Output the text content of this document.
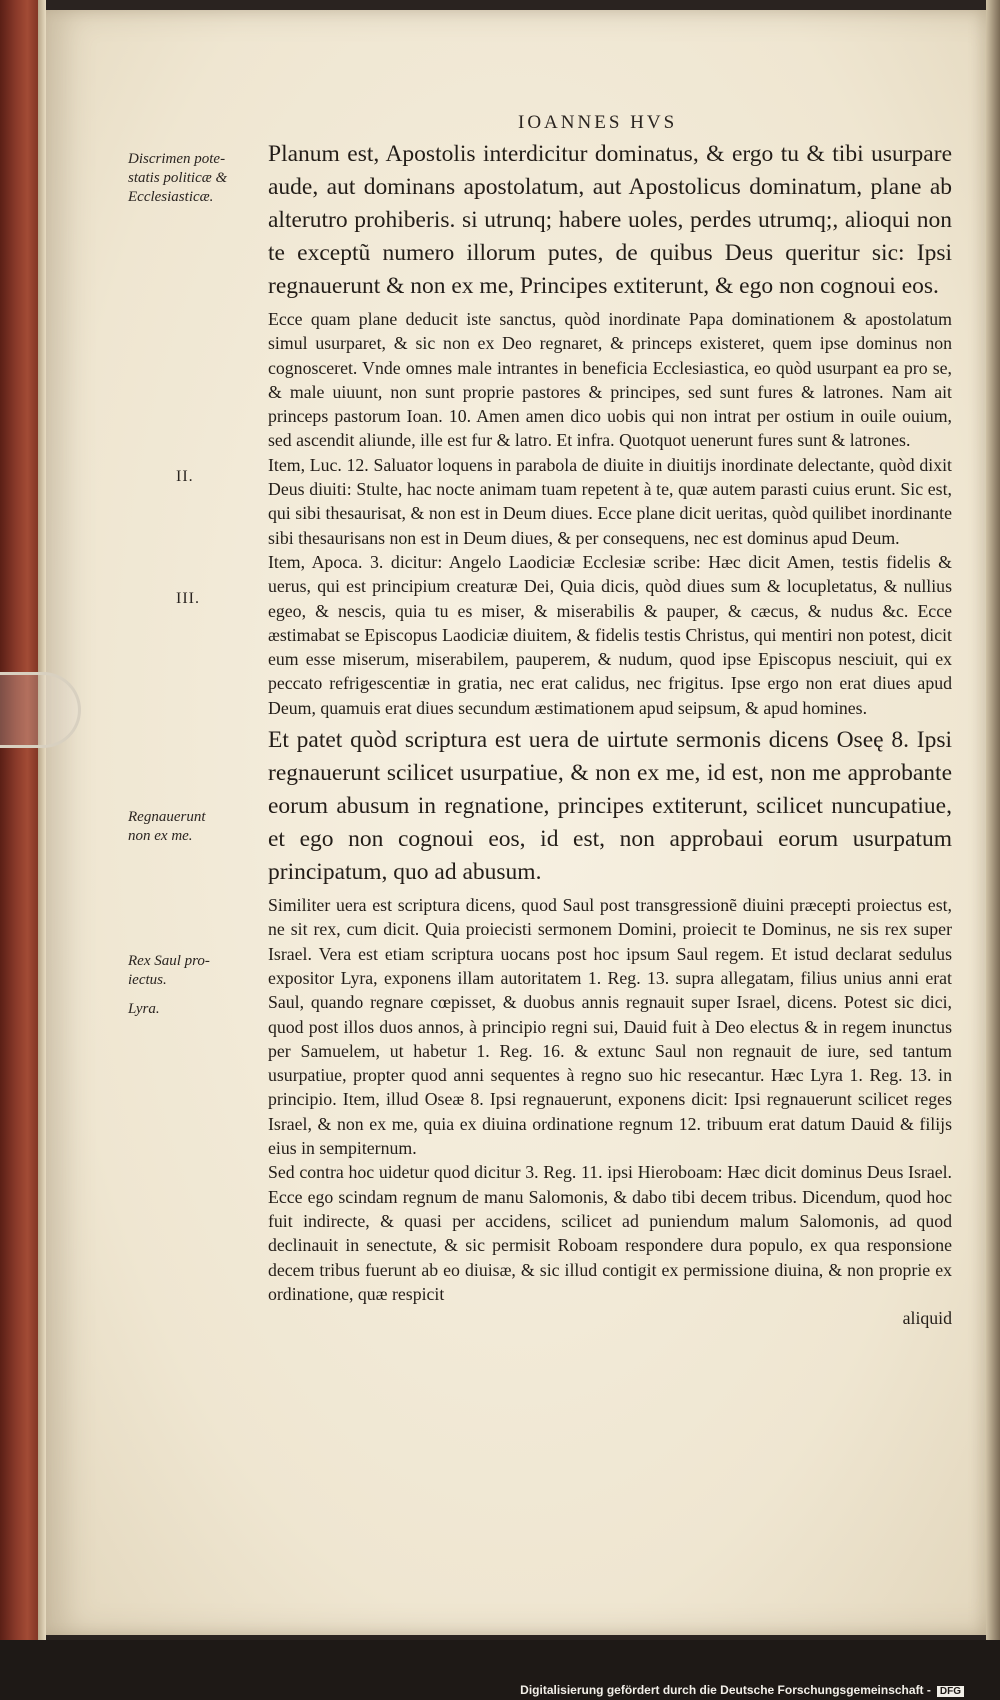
IOANNES HVS
Discrimen pote-
statis politicæ &
Ecclesiasticæ.
II.
III.
Regnauerunt
non ex me.
Rex Saul pro-
iectus.
Lyra.

Planum est, Apostolis interdicitur dominatus, & ergo tu & tibi usurpare aude, aut dominans apostolatum, aut Apostolicus dominatum, plane ab alterutro prohiberis. si utrunq; habere uoles, perdes utrumq;, alioqui non te exceptũ numero illorum putes, de quibus Deus queritur sic: Ipsi regnauerunt & non ex me, Principes extiterunt, & ego non cognoui eos.

Ecce quam plane deducit iste sanctus, quòd inordinate Papa dominationem & apostolatum simul usurparet, & sic non ex Deo regnaret, & princeps existeret, quem ipse dominus non cognosceret. Vnde omnes male intrantes in beneficia Ecclesiastica, eo quòd usurpant ea pro se, & male uiuunt, non sunt proprie pastores & principes, sed sunt fures & latrones. Nam ait princeps pastorum Ioan. 10. Amen amen dico uobis qui non intrat per ostium in ouile ouium, sed ascendit aliunde, ille est fur & latro. Et infra. Quotquot uenerunt fures sunt & latrones.

Item, Luc. 12. Saluator loquens in parabola de diuite in diuitijs inordinate delectante, quòd dixit Deus diuiti: Stulte, hac nocte animam tuam repetent à te, quæ autem parasti cuius erunt. Sic est, qui sibi thesaurisat, & non est in Deum diues. Ecce plane dicit ueritas, quòd quilibet inordinante sibi thesaurisans non est in Deum diues, & per consequens, nec est dominus apud Deum.

Item, Apoca. 3. dicitur: Angelo Laodiciæ Ecclesiæ scribe: Hæc dicit Amen, testis fidelis & uerus, qui est principium creaturæ Dei, Quia dicis, quòd diues sum & locupletatus, & nullius egeo, & nescis, quia tu es miser, & miserabilis & pauper, & cæcus, & nudus &c. Ecce æstimabat se Episcopus Laodiciæ diuitem, & fidelis testis Christus, qui mentiri non potest, dicit eum esse miserum, miserabilem, pauperem, & nudum, quod ipse Episcopus nesciuit, qui ex peccato refrigescentiæ in gratia, nec erat calidus, nec frigitus. Ipse ergo non erat diues apud Deum, quamuis erat diues secundum æstimationem apud seipsum, & apud homines.

Et patet quòd scriptura est uera de uirtute sermonis dicens Oseę 8. Ipsi regnauerunt scilicet usurpatiue, & non ex me, id est, non me approbante eorum abusum in regnatione, principes extiterunt, scilicet nuncupatiue, et ego non cognoui eos, id est, non approbaui eorum usurpatum principatum, quo ad abusum.

Similiter uera est scriptura dicens, quod Saul post transgressionẽ diuini præcepti proiectus est, ne sit rex, cum dicit. Quia proiecisti sermonem Domini, proiecit te Dominus, ne sis rex super Israel. Vera est etiam scriptura uocans post hoc ipsum Saul regem. Et istud declarat sedulus expositor Lyra, exponens illam autoritatem 1. Reg. 13. supra allegatam, filius unius anni erat Saul, quando regnare cœpisset, & duobus annis regnauit super Israel, dicens. Potest sic dici, quod post illos duos annos, à principio regni sui, Dauid fuit à Deo electus & in regem inunctus per Samuelem, ut habetur 1. Reg. 16. & extunc Saul non regnauit de iure, sed tantum usurpatiue, propter quod anni sequentes à regno suo hic resecantur. Hæc Lyra 1. Reg. 13. in principio. Item, illud Oseæ 8. Ipsi regnauerunt, exponens dicit: Ipsi regnauerunt scilicet reges Israel, & non ex me, quia ex diuina ordinatione regnum 12. tribuum erat datum Dauid & filijs eius in sempiternum.

Sed contra hoc uidetur quod dicitur 3. Reg. 11. ipsi Hieroboam: Hæc dicit dominus Deus Israel. Ecce ego scindam regnum de manu Salomonis, & dabo tibi decem tribus. Dicendum, quod hoc fuit indirecte, & quasi per accidens, scilicet ad puniendum malum Salomonis, ad quod declinauit in senectute, & sic permisit Roboam respondere dura populo, ex qua responsione decem tribus fuerunt ab eo diuisæ, & sic illud contigit ex permissione diuina, & non proprie ex ordinatione, quæ respicit

aliquid

Digitalisierung gefördert durch die Deutsche Forschungsgemeinschaft - DFG
